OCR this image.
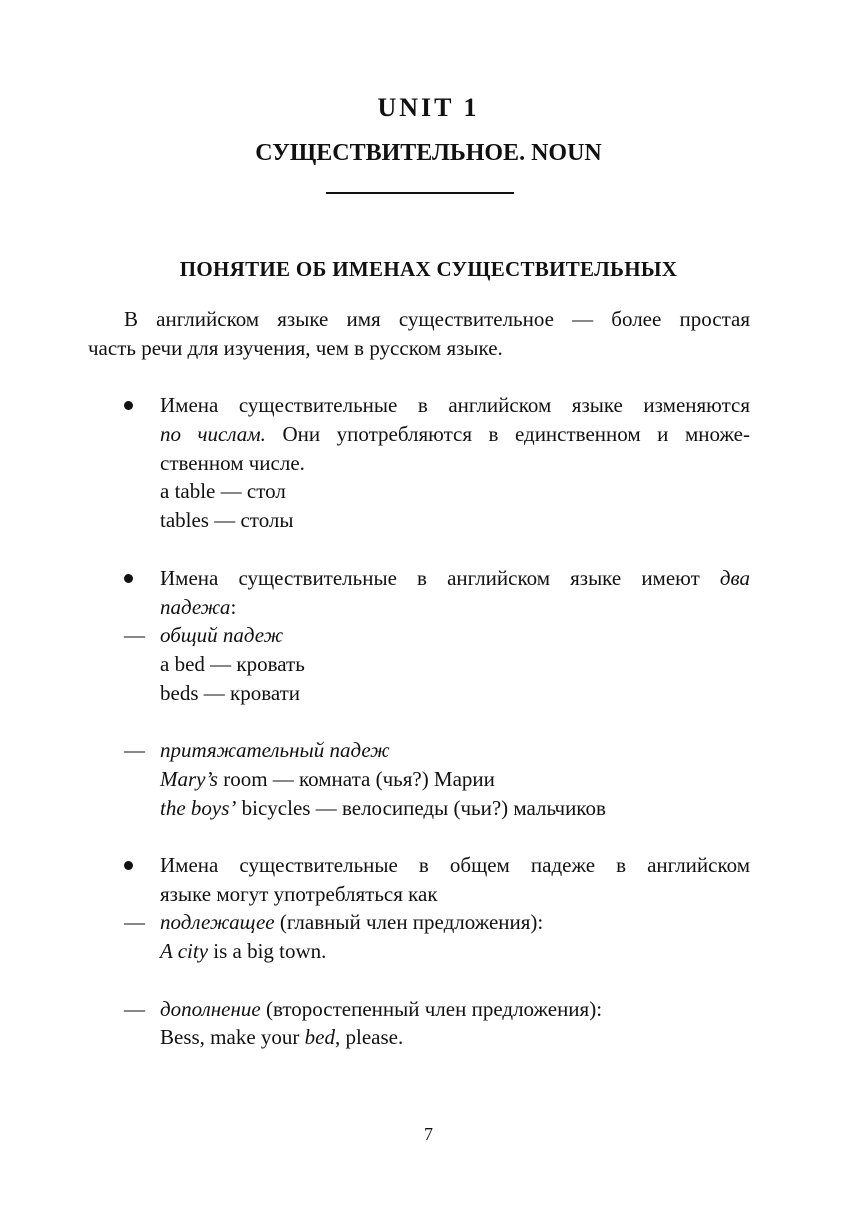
UNIT 1
СУЩЕСТВИТЕЛЬНОЕ. NOUN
ПОНЯТИЕ ОБ ИМЕНАХ СУЩЕСТВИТЕЛЬНЫХ
В английском языке имя существительное — более простая
часть речи для изучения, чем в русском языке.
Имена существительные в английском языке изменяются
по числам. Они употребляются в единственном и множе-
ственном числе.
a table — стол
tables — столы
Имена существительные в английском языке имеют два
падежа:
— общий падеж
a bed — кровать
beds — кровати
— притяжательный падеж
Mary’s room — комната (чья?) Марии
the boys’ bicycles — велосипеды (чьи?) мальчиков
Имена существительные в общем падеже в английском
языке могут употребляться как
— подлежащее (главный член предложения):
A city is a big town.
— дополнение (второстепенный член предложения):
Bess, make your bed, please.
7
